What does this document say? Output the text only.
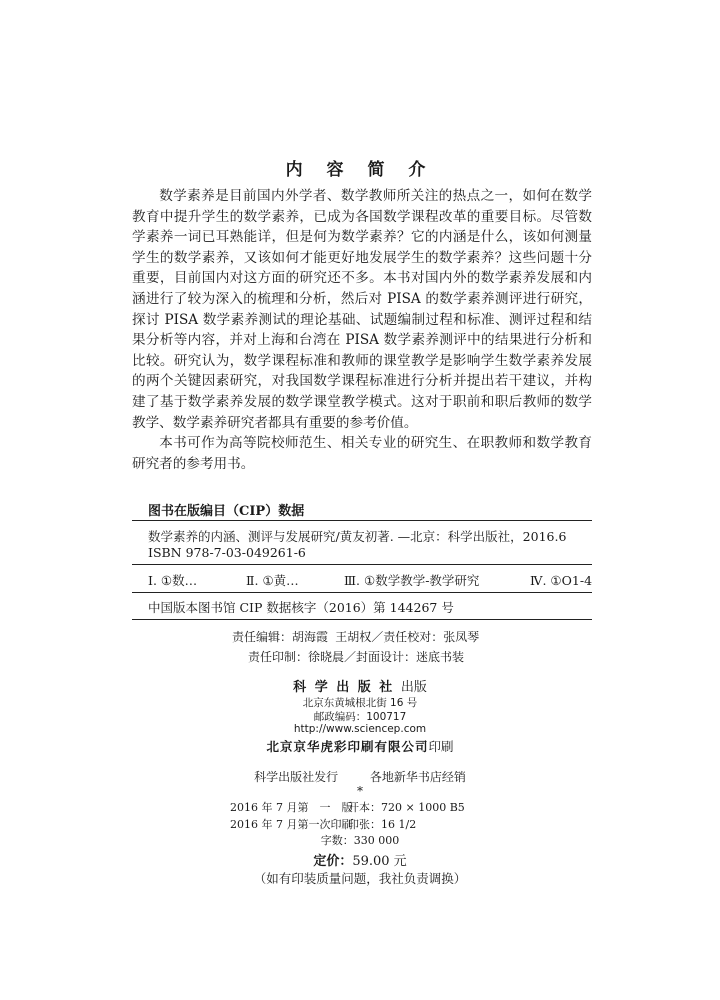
内 容 简 介

数学素养是目前国内外学者、数学教师所关注的热点之一，如何在数学教育中提升学生的数学素养，已成为各国数学课程改革的重要目标。尽管数学素养一词已耳熟能详，但是何为数学素养？它的内涵是什么，该如何测量学生的数学素养，又该如何才能更好地发展学生的数学素养？这些问题十分重要，目前国内对这方面的研究还不多。本书对国内外的数学素养发展和内涵进行了较为深入的梳理和分析，然后对 PISA 的数学素养测评进行研究，探讨 PISA 数学素养测试的理论基础、试题编制过程和标准、测评过程和结果分析等内容，并对上海和台湾在 PISA 数学素养测评中的结果进行分析和比较。研究认为，数学课程标准和教师的课堂教学是影响学生数学素养发展的两个关键因素研究，对我国数学课程标准进行分析并提出若干建议，并构建了基于数学素养发展的数学课堂教学模式。这对于职前和职后教师的数学教学、数学素养研究者都具有重要的参考价值。

本书可作为高等院校师范生、相关专业的研究生、在职教师和数学教育研究者的参考用书。

图书在版编目（CIP）数据
数学素养的内涵、测评与发展研究/黄友初著. —北京：科学出版社，2016.6
ISBN 978-7-03-049261-6
Ⅰ. ①数…	Ⅱ. ①黄…	Ⅲ. ①数学教学-教学研究	Ⅳ. ①O1-4
中国版本图书馆 CIP 数据核字（2016）第 144267 号
责任编辑：胡海霞 王胡权／责任校对：张凤琴
责任印制：徐晓晨／封面设计：迷底书装
科 学 出 版 社 出版
北京东黄城根北街 16 号
邮政编码：100717
http://www.sciencep.com
北京京华虎彩印刷有限公司印刷
科学出版社发行	各地新华书店经销
*
2016 年 7 月第　一　版开本：720 × 1000 B5
2016 年 7 月第一次印刷印张：16 1/2
字数：330 000
定价：59.00 元
（如有印装质量问题，我社负责调换）
